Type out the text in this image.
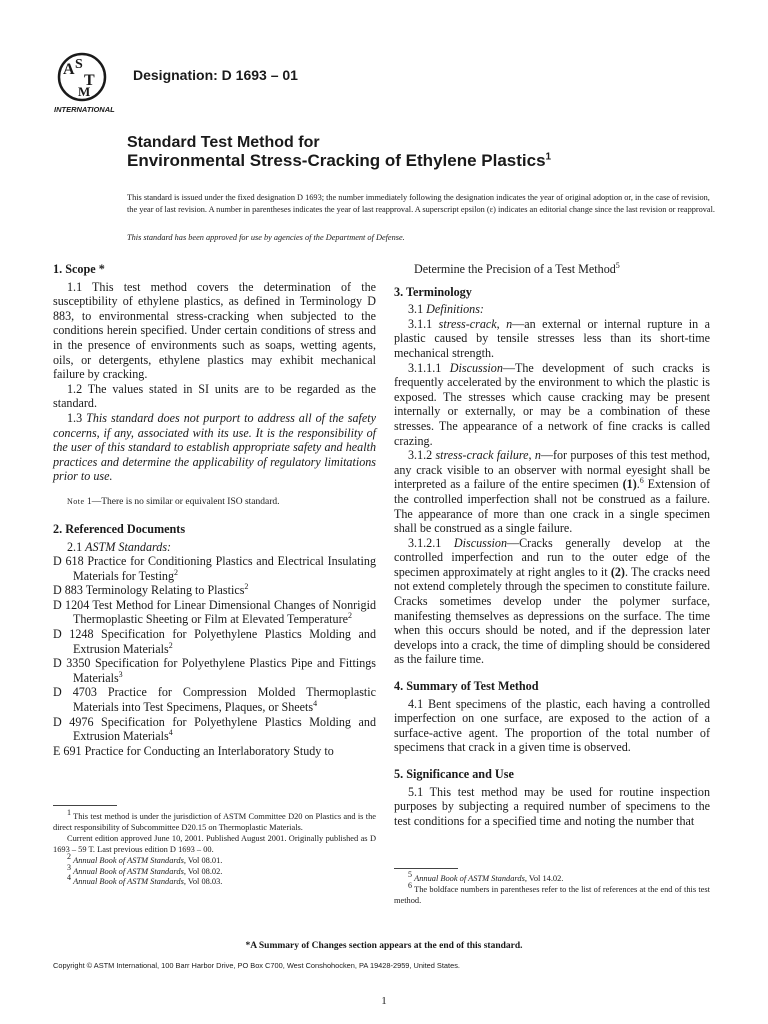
A S
T
M
INTERNATIONAL
Designation: D 1693 – 01
Standard Test Method for
Environmental Stress-Cracking of Ethylene Plastics$^1$
This standard is issued under the fixed designation D 1693; the number immediately following the designation indicates the year of original adoption or, in the case of revision, the year of last revision. A number in parentheses indicates the year of last reapproval. A superscript epsilon (ε) indicates an editorial change since the last revision or reapproval.
This standard has been approved for use by agencies of the Department of Defense.

1. Scope *

1.1 This test method covers the determination of the susceptibility of ethylene plastics, as defined in Terminology D 883, to environmental stress-cracking when subjected to the conditions herein specified. Under certain conditions of stress and in the presence of environments such as soaps, wetting agents, oils, or detergents, ethylene plastics may exhibit mechanical failure by cracking.

1.2 The values stated in SI units are to be regarded as the standard.

1.3 This standard does not purport to address all of the safety concerns, if any, associated with its use. It is the responsibility of the user of this standard to establish appropriate safety and health practices and determine the applicability of regulatory limitations prior to use.

Note 1—There is no similar or equivalent ISO standard.

2. Referenced Documents

2.1 ASTM Standards:

D 618 Practice for Conditioning Plastics and Electrical Insulating Materials for Testing$^2$

D 883 Terminology Relating to Plastics$^2$

D 1204 Test Method for Linear Dimensional Changes of Nonrigid Thermoplastic Sheeting or Film at Elevated Temperature$^2$

D 1248 Specification for Polyethylene Plastics Molding and Extrusion Materials$^2$

D 3350 Specification for Polyethylene Plastics Pipe and Fittings Materials$^3$

D 4703 Practice for Compression Molded Thermoplastic Materials into Test Specimens, Plaques, or Sheets$^4$

D 4976 Specification for Polyethylene Plastics Molding and Extrusion Materials$^4$

E 691 Practice for Conducting an Interlaboratory Study to

$^1$ This test method is under the jurisdiction of ASTM Committee D20 on Plastics and is the direct responsibility of Subcommittee D20.15 on Thermoplastic Materials.

Current edition approved June 10, 2001. Published August 2001. Originally published as D 1693 – 59 T. Last previous edition D 1693 – 00.

$^2$ Annual Book of ASTM Standards, Vol 08.01.

$^3$ Annual Book of ASTM Standards, Vol 08.02.

$^4$ Annual Book of ASTM Standards, Vol 08.03.

Determine the Precision of a Test Method$^5$

3. Terminology

3.1 Definitions:

3.1.1 stress-crack, n—an external or internal rupture in a plastic caused by tensile stresses less than its short-time mechanical strength.

3.1.1.1 Discussion—The development of such cracks is frequently accelerated by the environment to which the plastic is exposed. The stresses which cause cracking may be present internally or externally, or may be a combination of these stresses. The appearance of a network of fine cracks is called crazing.

3.1.2 stress-crack failure, n—for purposes of this test method, any crack visible to an observer with normal eyesight shall be interpreted as a failure of the entire specimen (1).$^6$ Extension of the controlled imperfection shall not be construed as a failure. The appearance of more than one crack in a single specimen shall be construed as a single failure.

3.1.2.1 Discussion—Cracks generally develop at the controlled imperfection and run to the outer edge of the specimen approximately at right angles to it (2). The cracks need not extend completely through the specimen to constitute failure. Cracks sometimes develop under the polymer surface, manifesting themselves as depressions on the surface. The time when this occurs should be noted, and if the depression later develops into a crack, the time of dimpling should be considered as the failure time.

4. Summary of Test Method

4.1 Bent specimens of the plastic, each having a controlled imperfection on one surface, are exposed to the action of a surface-active agent. The proportion of the total number of specimens that crack in a given time is observed.

5. Significance and Use

5.1 This test method may be used for routine inspection purposes by subjecting a required number of specimens to the test conditions for a specified time and noting the number that

$^5$ Annual Book of ASTM Standards, Vol 14.02.

$^6$ The boldface numbers in parentheses refer to the list of references at the end of this test method.

*A Summary of Changes section appears at the end of this standard.
Copyright © ASTM International, 100 Barr Harbor Drive, PO Box C700, West Conshohocken, PA 19428-2959, United States.
1
